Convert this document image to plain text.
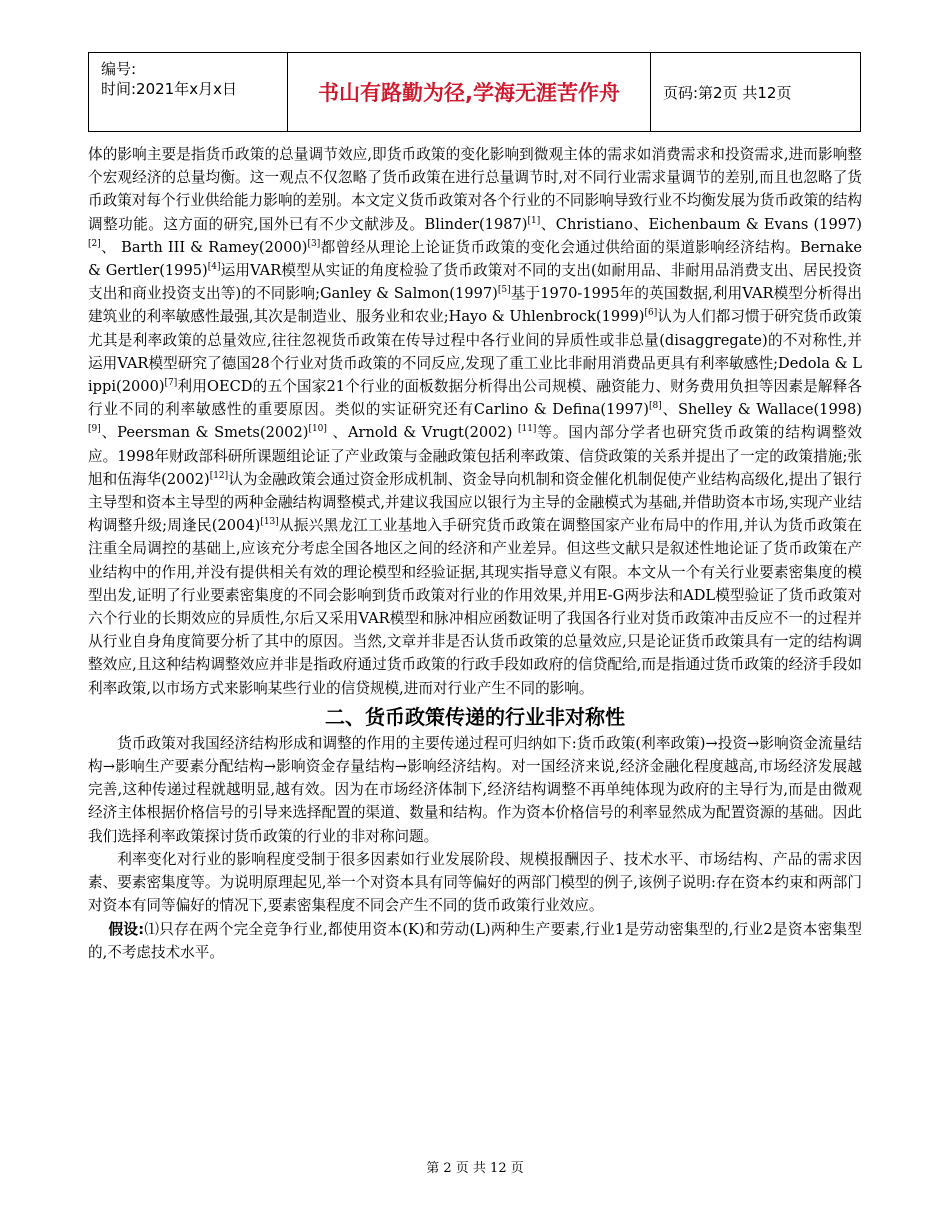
编号:
时间:2021年x月x日	书山有路勤为径,学海无涯苦作舟	页码:第2页 共12页

体的影响主要是指货币政策的总量调节效应,即货币政策的变化影响到微观主体的需求如消费需求和投资需求,进而影响整个宏观经济的总量均衡。这一观点不仅忽略了货币政策在进行总量调节时,对不同行业需求量调节的差别,而且也忽略了货币政策对每个行业供给能力影响的差别。本文定义货币政策对各个行业的不同影响导致行业不均衡发展为货币政策的结构调整功能。这方面的研究,国外已有不少文献涉及。Blinder(1987)[1]、Christiano、Eichenbaum & Evans (1997)[2]、 Barth III & Ramey(2000)[3]都曾经从理论上论证货币政策的变化会通过供给面的渠道影响经济结构。Bernake & Gertler(1995)[4]运用VAR模型从实证的角度检验了货币政策对不同的支出(如耐用品、非耐用品消费支出、居民投资支出和商业投资支出等)的不同影响;Ganley & Salmon(1997)[5]基于1970-1995年的英国数据,利用VAR模型分析得出建筑业的利率敏感性最强,其次是制造业、服务业和农业;Hayo & Uhlenbrock(1999)[6]认为人们都习惯于研究货币政策尤其是利率政策的总量效应,往往忽视货币政策在传导过程中各行业间的异质性或非总量(disaggregate)的不对称性,并运用VAR模型研究了德国28个行业对货币政策的不同反应,发现了重工业比非耐用消费品更具有利率敏感性;Dedola & Lippi(2000)[7]利用OECD的五个国家21个行业的面板数据分析得出公司规模、融资能力、财务费用负担等因素是解释各行业不同的利率敏感性的重要原因。类似的实证研究还有Carlino & Defina(1997)[8]、Shelley & Wallace(1998)[9]、Peersman & Smets(2002)[10] 、Arnold & Vrugt(2002) [11]等。国内部分学者也研究货币政策的结构调整效应。1998年财政部科研所课题组论证了产业政策与金融政策包括利率政策、信贷政策的关系并提出了一定的政策措施;张旭和伍海华(2002)[12]认为金融政策会通过资金形成机制、资金导向机制和资金催化机制促使产业结构高级化,提出了银行主导型和资本主导型的两种金融结构调整模式,并建议我国应以银行为主导的金融模式为基础,并借助资本市场,实现产业结构调整升级;周逢民(2004)[13]从振兴黑龙江工业基地入手研究货币政策在调整国家产业布局中的作用,并认为货币政策在注重全局调控的基础上,应该充分考虑全国各地区之间的经济和产业差异。但这些文献只是叙述性地论证了货币政策在产业结构中的作用,并没有提供相关有效的理论模型和经验证据,其现实指导意义有限。本文从一个有关行业要素密集度的模型出发,证明了行业要素密集度的不同会影响到货币政策对行业的作用效果,并用E-G两步法和ADL模型验证了货币政策对六个行业的长期效应的异质性,尔后又采用VAR模型和脉冲相应函数证明了我国各行业对货币政策冲击反应不一的过程并从行业自身角度简要分析了其中的原因。当然,文章并非是否认货币政策的总量效应,只是论证货币政策具有一定的结构调整效应,且这种结构调整效应并非是指政府通过货币政策的行政手段如政府的信贷配给,而是指通过货币政策的经济手段如利率政策,以市场方式来影响某些行业的信贷规模,进而对行业产生不同的影响。

二、货币政策传递的行业非对称性

货币政策对我国经济结构形成和调整的作用的主要传递过程可归纳如下:货币政策(利率政策)→投资→影响资金流量结构→影响生产要素分配结构→影响资金存量结构→影响经济结构。对一国经济来说,经济金融化程度越高,市场经济发展越完善,这种传递过程就越明显,越有效。因为在市场经济体制下,经济结构调整不再单纯体现为政府的主导行为,而是由微观经济主体根据价格信号的引导来选择配置的渠道、数量和结构。作为资本价格信号的利率显然成为配置资源的基础。因此我们选择利率政策探讨货币政策的行业的非对称问题。

利率变化对行业的影响程度受制于很多因素如行业发展阶段、规模报酬因子、技术水平、市场结构、产品的需求因素、要素密集度等。为说明原理起见,举一个对资本具有同等偏好的两部门模型的例子,该例子说明:存在资本约束和两部门对资本有同等偏好的情况下,要素密集程度不同会产生不同的货币政策行业效应。

假设:⑴只存在两个完全竞争行业,都使用资本(K)和劳动(L)两种生产要素,行业1是劳动密集型的,行业2是资本密集型的,不考虑技术水平。

第 2 页 共 12 页
